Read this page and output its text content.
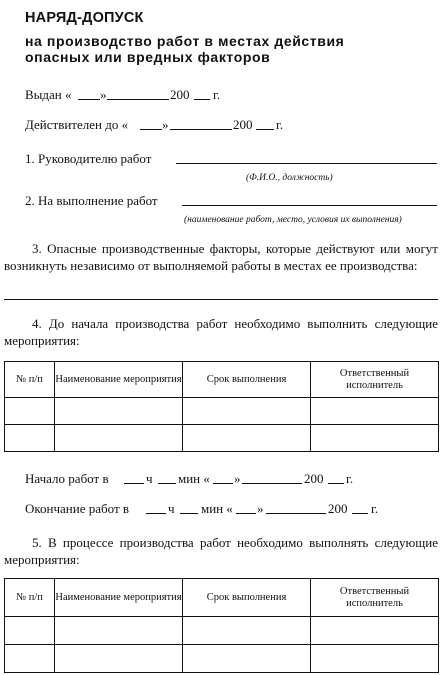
НАРЯД-ДОПУСК
на производство работ в местах действия
опасных или вредных факторов
Выдан « »	200 г.
Действителен до «	»	200 г.
1. Руководителю работ
(Ф.И.О., должность)
2. На выполнение работ
(наименование работ, место, условия их выполнения)

3. Опасные производственные факторы, которые действуют или могут возникнуть независимо от выполняемой работы в местах ее производства:

4. До начала производства работ необходимо выполнить следующие мероприятия:

№ п/п	Наименование мероприятия	Срок выполнения	Ответственный исполнитель

Начало работ в	ч мин « »	200 г.
Окончание работ в	ч мин « »	200 г.

5. В процессе производства работ необходимо выполнять следующие мероприятия:

№ п/п	Наименование мероприятия	Срок выполнения	Ответственный исполнитель
